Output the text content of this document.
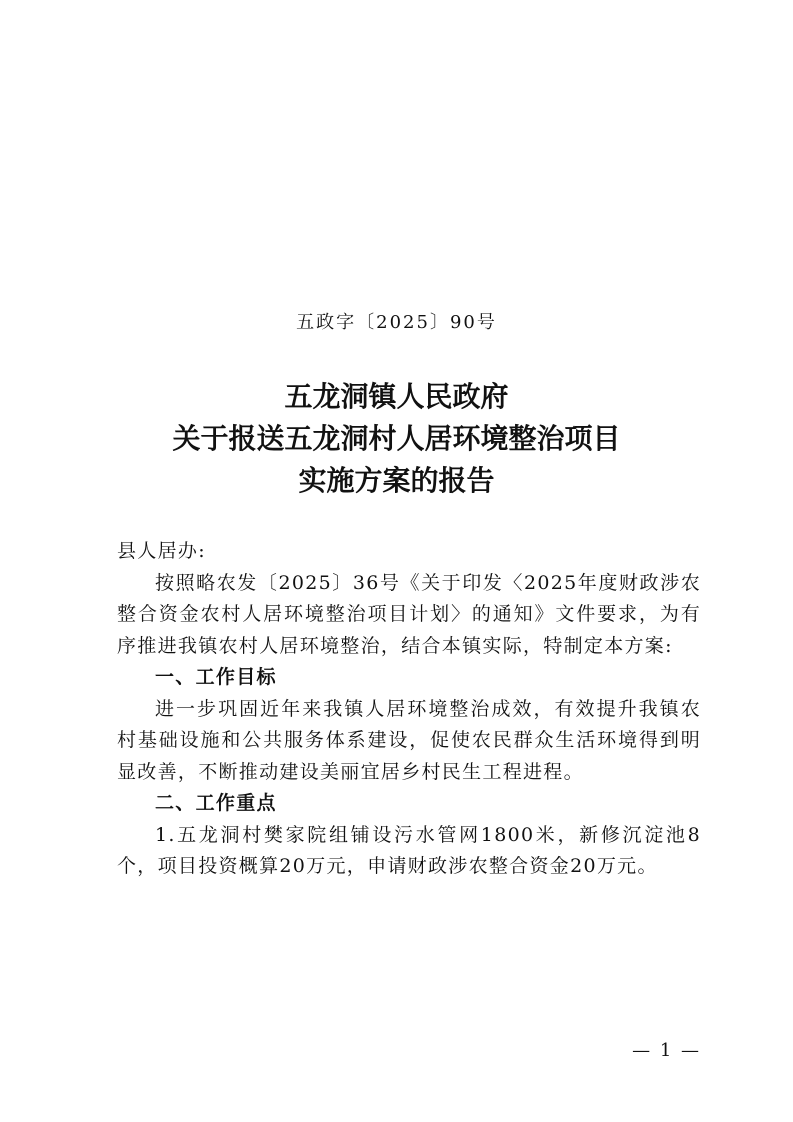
五政字〔2025〕90号
五龙洞镇人民政府
关于报送五龙洞村人居环境整治项目
实施方案的报告

县人居办:

按照略农发〔2025〕36号《关于印发〈2025年度财政涉农整合资金农村人居环境整治项目计划〉的通知》文件要求，为有序推进我镇农村人居环境整治，结合本镇实际，特制定本方案:

一、工作目标

进一步巩固近年来我镇人居环境整治成效，有效提升我镇农村基础设施和公共服务体系建设，促使农民群众生活环境得到明显改善，不断推动建设美丽宜居乡村民生工程进程。

二、工作重点

1.五龙洞村樊家院组铺设污水管网1800米，新修沉淀池8个，项目投资概算20万元，申请财政涉农整合资金20万元。

— 1 —
